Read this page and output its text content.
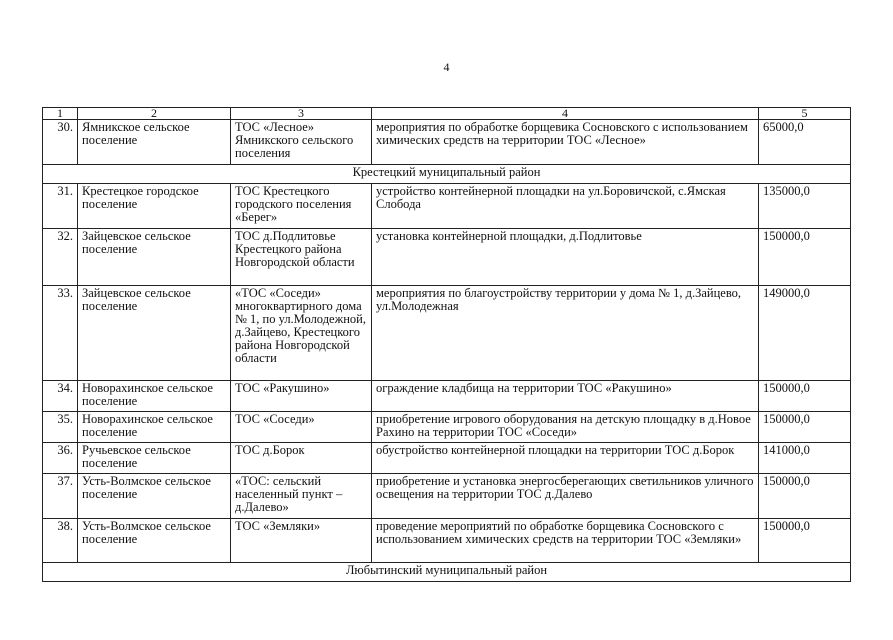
4
1	2	3	4	5
30.	Ямникское сельское поселение	ТОС «Лесное» Ямникского сельского поселения	мероприятия по обработке борщевика Сосновского с использованием химических средств на территории ТОС «Лесное»	65000,0
Крестецкий муниципальный район				
31.	Крестецкое городское поселение	ТОС Крестецкого городского поселения «Берег»	устройство контейнерной площадки на ул.Боровичской, с.Ямская Слобода	135000,0
32.	Зайцевское сельское поселение	ТОС д.Подлитовье Крестецкого района Новгородской области	установка контейнерной площадки, д.Подлитовье	150000,0
33.	Зайцевское сельское поселение	«ТОС «Соседи» многоквартирного дома № 1, по ул.Молодежной, д.Зайцево, Крестецкого района Новгородской области	мероприятия по благоустройству территории у дома № 1, д.Зайцево, ул.Молодежная	149000,0
34.	Новорахинское сельское поселение	ТОС «Ракушино»	ограждение кладбища на территории ТОС «Ракушино»	150000,0
35.	Новорахинское сельское поселение	ТОС «Соседи»	приобретение игрового оборудования на детскую площадку в д.Новое Рахино на территории ТОС «Соседи»	150000,0
36.	Ручьевское сельское поселение	ТОС д.Борок	обустройство контейнерной площадки на территории ТОС д.Борок	141000,0
37.	Усть-Волмское сельское поселение	«ТОС: сельский населенный пункт – д.Далево»	приобретение и установка энергосберегающих светильников уличного освещения на территории ТОС д.Далево	150000,0
38.	Усть-Волмское сельское поселение	ТОС «Земляки»	проведение мероприятий по обработке борщевика Сосновского с использованием химических средств на территории ТОС «Земляки»	150000,0
Любытинский муниципальный район				
